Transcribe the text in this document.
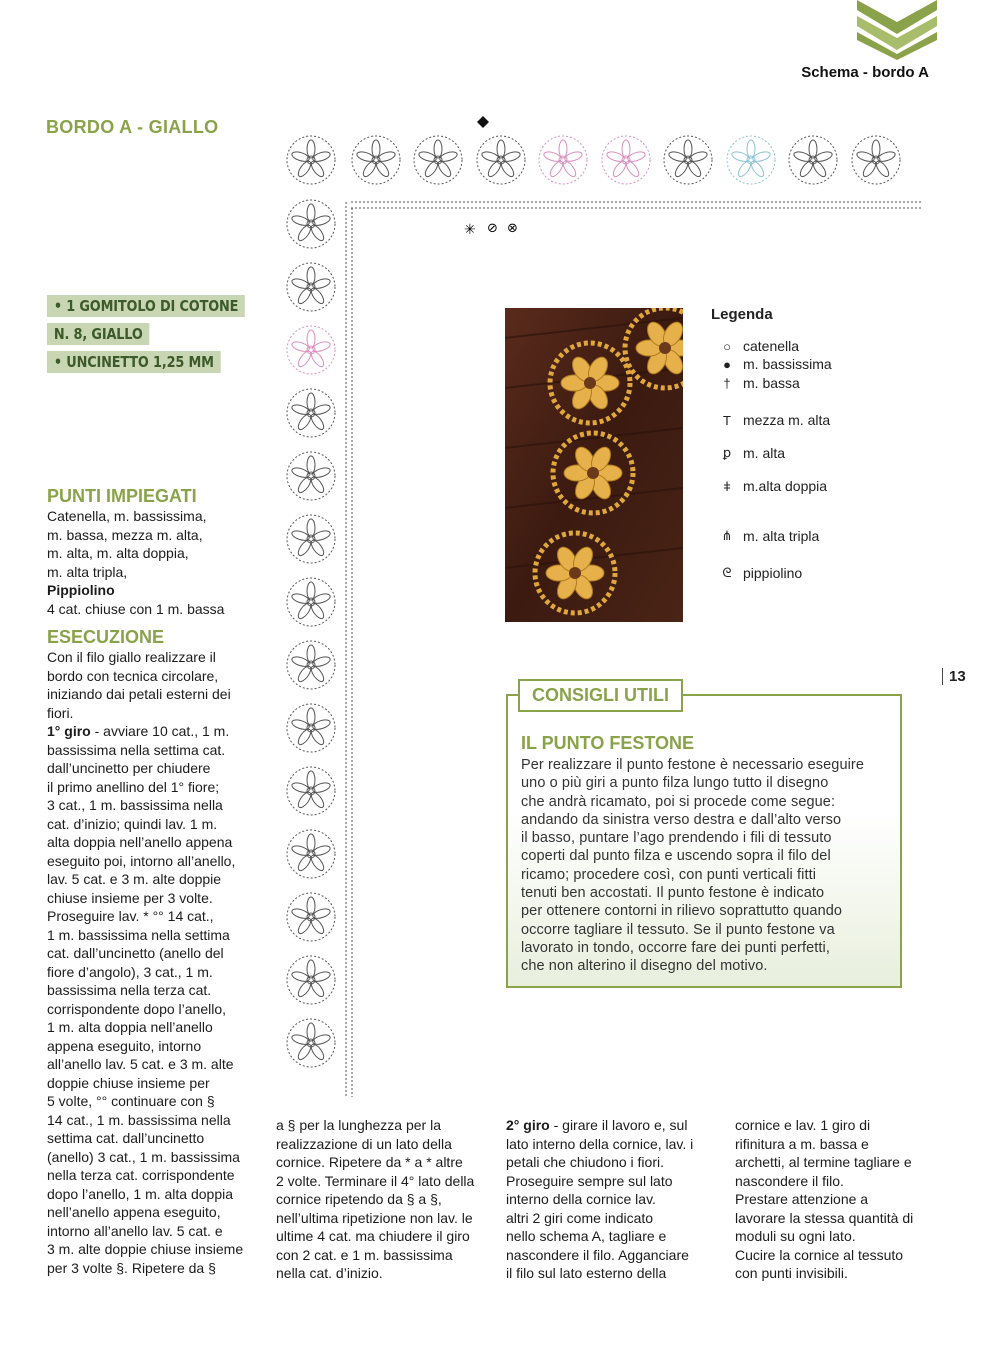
Schema - bordo A
BORDO A - GIALLO
• 1 GOMITOLO DI COTONE
N. 8, GIALLO
• UNCINETTO 1,25 MM
PUNTI IMPIEGATI
Catenella, m. bassissima,
m. bassa, mezza m. alta,
m. alta, m. alta doppia,
m. alta tripla,
Pippiolino
4 cat. chiuse con 1 m. bassa
ESECUZIONE
Con il filo giallo realizzare il
bordo con tecnica circolare,
iniziando dai petali esterni dei
fiori.
1° giro - avviare 10 cat., 1 m.
bassissima nella settima cat.
dall’uncinetto per chiudere
il primo anellino del 1° fiore;
3 cat., 1 m. bassissima nella
cat. d’inizio; quindi lav. 1 m.
alta doppia nell’anello appena
eseguito poi, intorno all’anello,
lav. 5 cat. e 3 m. alte doppie
chiuse insieme per 3 volte.
Proseguire lav. * °° 14 cat.,
1 m. bassissima nella settima
cat. dall’uncinetto (anello del
fiore d’angolo), 3 cat., 1 m.
bassissima nella terza cat.
corrispondente dopo l’anello,
1 m. alta doppia nell’anello
appena eseguito, intorno
all’anello lav. 5 cat. e 3 m. alte
doppie chiuse insieme per
5 volte, °° continuare con §
14 cat., 1 m. bassissima nella
settima cat. dall’uncinetto
(anello) 3 cat., 1 m. bassissima
nella terza cat. corrispondente
dopo l’anello, 1 m. alta doppia
nell’anello appena eseguito,
intorno all’anello lav. 5 cat. e
3 m. alte doppie chiuse insieme
per 3 volte §. Ripetere da §
a § per la lunghezza per la
realizzazione di un lato della
cornice. Ripetere da * a * altre
2 volte. Terminare il 4° lato della
cornice ripetendo da § a §,
nell’ultima ripetizione non lav. le
ultime 4 cat. ma chiudere il giro
con 2 cat. e 1 m. bassissima
nella cat. d’inizio.
2° giro - girare il lavoro e, sul
lato interno della cornice, lav. i
petali che chiudono i fiori.
Proseguire sempre sul lato
interno della cornice lav.
altri 2 giri come indicato
nello schema A, tagliare e
nascondere il filo. Agganciare
il filo sul lato esterno della
cornice e lav. 1 giro di
rifinitura a m. bassa e
archetti, al termine tagliare e
nascondere il filo.
Prestare attenzione a
lavorare la stessa quantità di
moduli su ogni lato.
Cucire la cornice al tessuto
con punti invisibili.
✳ ⊘ ⊗
Legenda
○ catenella
● m. bassissima
† m. bassa
T mezza m. alta
ꝑ m. alta
ǂ m.alta doppia
⋔ m. alta tripla
ᘓ pippiolino
13
CONSIGLI UTILI
IL PUNTO FESTONE
Per realizzare il punto festone è necessario eseguire
uno o più giri a punto filza lungo tutto il disegno
che andrà ricamato, poi si procede come segue:
andando da sinistra verso destra e dall’alto verso
il basso, puntare l’ago prendendo i fili di tessuto
coperti dal punto filza e uscendo sopra il filo del
ricamo; procedere così, con punti verticali fitti
tenuti ben accostati. Il punto festone è indicato
per ottenere contorni in rilievo soprattutto quando
occorre tagliare il tessuto. Se il punto festone va
lavorato in tondo, occorre fare dei punti perfetti,
che non alterino il disegno del motivo.
